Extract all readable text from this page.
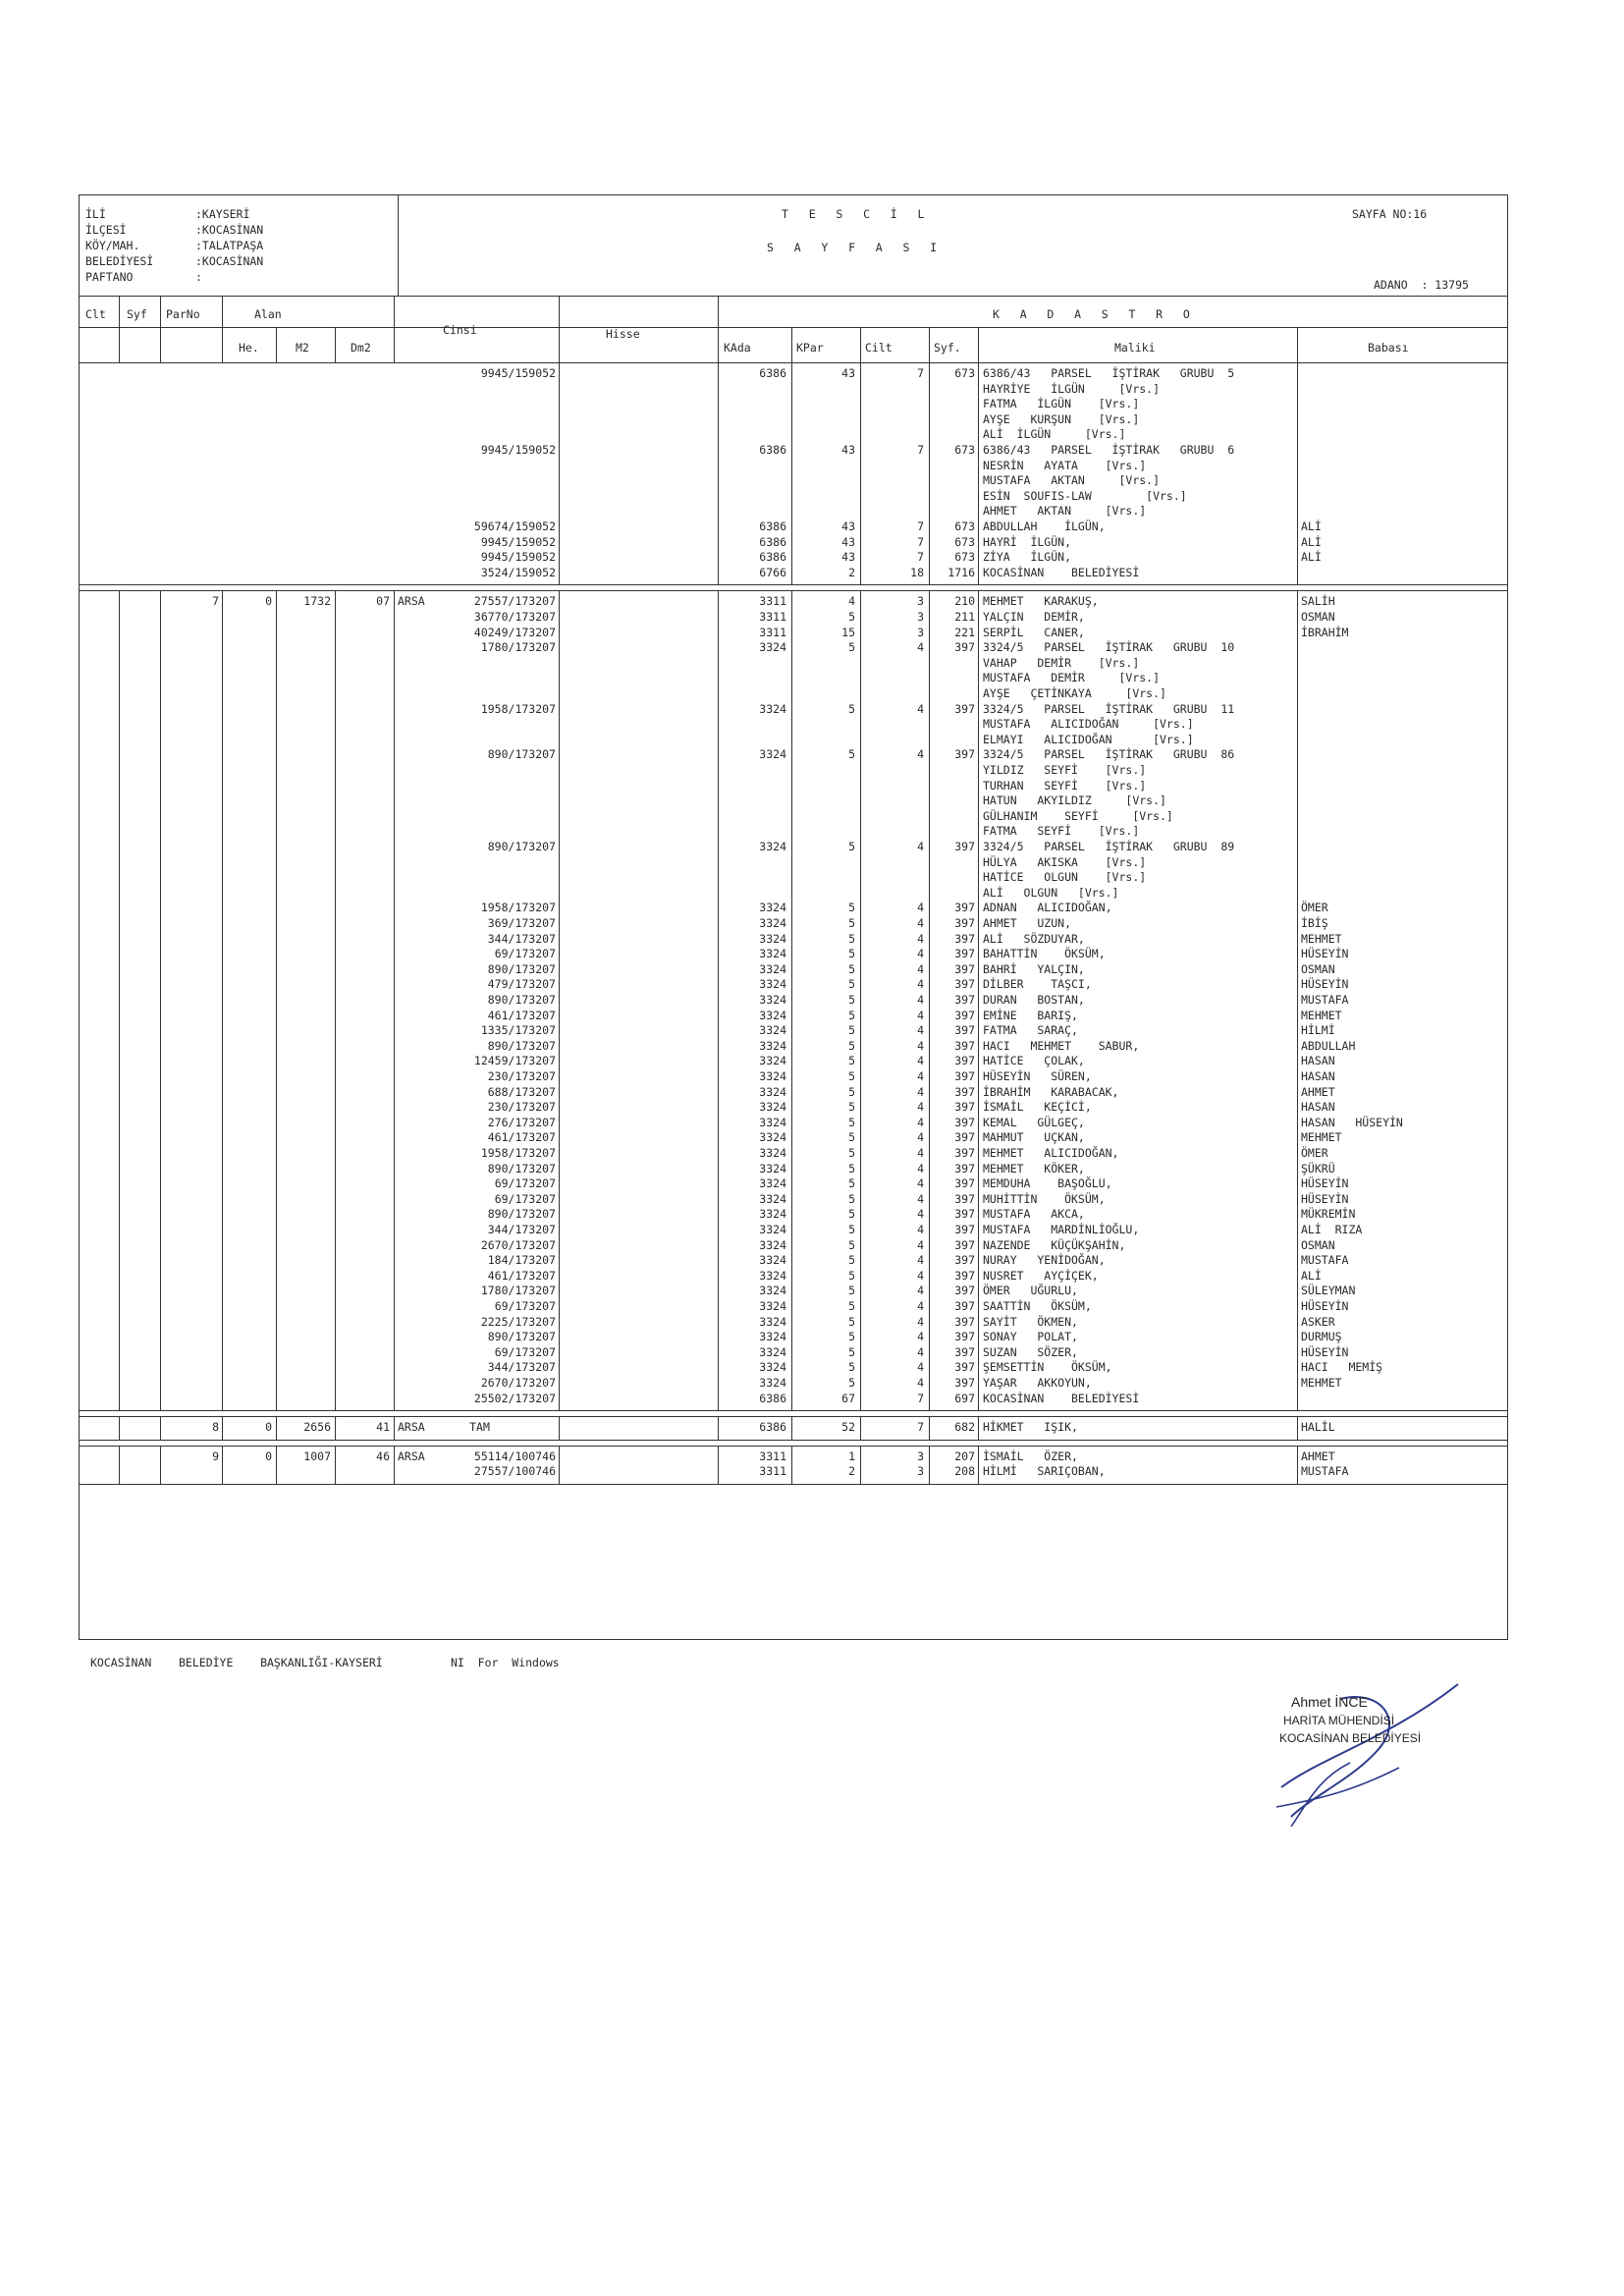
İLİ	:KAYSERİ
İLÇESİ	:KOCASİNAN
KÖY/MAH.	:TALATPAŞA
BELEDİYESİ	:KOCASİNAN
PAFTANO	:
T   E   S   C   İ   L
S   A   Y   F   A   S   I
SAYFA NO:16
ADANO  : 13795
Clt Syf ParNo	Alan
He.	M2	Dm2
Cinsi	Hisse
K   A   D   A   S   T   R   O
KAda	KPar	Cilt	Syf.	Maliki	Babası
9945/159052	6386	43	7	673 6386/43   PARSEL   İŞTİRAK   GRUBU  5
HAYRİYE   İLGÜN     [Vrs.]
FATMA   İLGÜN    [Vrs.]
AYŞE   KURŞUN    [Vrs.]
ALİ  İLGÜN     [Vrs.]
9945/159052	6386	43	7	673 6386/43   PARSEL   İŞTİRAK   GRUBU  6
NESRİN   AYATA    [Vrs.]
MUSTAFA   AKTAN     [Vrs.]
ESİN  SOUFIS-LAW        [Vrs.]
AHMET   AKTAN     [Vrs.]
59674/159052	6386	43	7	673 ABDULLAH    İLGÜN,	ALİ
9945/159052	6386	43	7	673 HAYRİ  İLGÜN,	ALİ
9945/159052	6386	43	7	673 ZİYA   İLGÜN,	ALİ
3524/159052	6766	2	18	1716 KOCASİNAN    BELEDİYESİ
7	0	1732	07 ARSA	27557/173207	3311	4	3	210 MEHMET   KARAKUŞ,	SALİH
36770/173207	3311	5	3	211 YALÇIN   DEMİR,	OSMAN
40249/173207	3311	15	3	221 SERPİL   CANER,	İBRAHİM
1780/173207	3324	5	4	397 3324/5   PARSEL   İŞTİRAK   GRUBU  10
VAHAP   DEMİR    [Vrs.]
MUSTAFA   DEMİR     [Vrs.]
AYŞE   ÇETİNKAYA     [Vrs.]
1958/173207	3324	5	4	397 3324/5   PARSEL   İŞTİRAK   GRUBU  11
MUSTAFA   ALICIDOĞAN     [Vrs.]
ELMAYI   ALICIDOĞAN      [Vrs.]
890/173207	3324	5	4	397 3324/5   PARSEL   İŞTİRAK   GRUBU  86
YILDIZ   SEYFİ    [Vrs.]
TURHAN   SEYFİ    [Vrs.]
HATUN   AKYILDIZ     [Vrs.]
GÜLHANIM    SEYFİ     [Vrs.]
FATMA   SEYFİ    [Vrs.]
890/173207	3324	5	4	397 3324/5   PARSEL   İŞTİRAK   GRUBU  89
HÜLYA   AKISKA    [Vrs.]
HATİCE   OLGUN    [Vrs.]
ALİ   OLGUN   [Vrs.]
1958/173207	3324	5	4	397 ADNAN   ALICIDOĞAN,	ÖMER
369/173207	3324	5	4	397 AHMET   UZUN,	İBİŞ
344/173207	3324	5	4	397 ALİ   SÖZDUYAR,	MEHMET
69/173207	3324	5	4	397 BAHATTİN    ÖKSÜM,	HÜSEYİN
890/173207	3324	5	4	397 BAHRİ   YALÇIN,	OSMAN
479/173207	3324	5	4	397 DİLBER    TAŞCI,	HÜSEYİN
890/173207	3324	5	4	397 DURAN   BOSTAN,	MUSTAFA
461/173207	3324	5	4	397 EMİNE   BARIŞ,	MEHMET
1335/173207	3324	5	4	397 FATMA   SARAÇ,	HİLMİ
890/173207	3324	5	4	397 HACI   MEHMET    SABUR,	ABDULLAH
12459/173207	3324	5	4	397 HATİCE   ÇOLAK,	HASAN
230/173207	3324	5	4	397 HÜSEYİN   SÜREN,	HASAN
688/173207	3324	5	4	397 İBRAHİM   KARABACAK,	AHMET
230/173207	3324	5	4	397 İSMAİL   KEÇİCİ,	HASAN
276/173207	3324	5	4	397 KEMAL   GÜLGEÇ,	HASAN   HÜSEYİN
461/173207	3324	5	4	397 MAHMUT   UÇKAN,	MEHMET
1958/173207	3324	5	4	397 MEHMET   ALICIDOĞAN,	ÖMER
890/173207	3324	5	4	397 MEHMET   KÖKER,	ŞÜKRÜ
69/173207	3324	5	4	397 MEMDUHA    BAŞOĞLU,	HÜSEYİN
69/173207	3324	5	4	397 MUHİTTİN    ÖKSÜM,	HÜSEYİN
890/173207	3324	5	4	397 MUSTAFA   AKCA,	MÜKREMİN
344/173207	3324	5	4	397 MUSTAFA   MARDİNLİOĞLU,	ALİ  RIZA
2670/173207	3324	5	4	397 NAZENDE   KÜÇÜKŞAHİN,	OSMAN
184/173207	3324	5	4	397 NURAY   YENİDOĞAN,	MUSTAFA
461/173207	3324	5	4	397 NUSRET   AYÇİÇEK,	ALİ
1780/173207	3324	5	4	397 ÖMER   UĞURLU,	SÜLEYMAN
69/173207	3324	5	4	397 SAATTİN   ÖKSÜM,	HÜSEYİN
2225/173207	3324	5	4	397 SAYİT   ÖKMEN,	ASKER
890/173207	3324	5	4	397 SONAY   POLAT,	DURMUŞ
69/173207	3324	5	4	397 SUZAN   SÖZER,	HÜSEYİN
344/173207	3324	5	4	397 ŞEMSETTİN    ÖKSÜM,	HACI   MEMİŞ
2670/173207	3324	5	4	397 YAŞAR   AKKOYUN,	MEHMET
25502/173207	6386	67	7	697 KOCASİNAN    BELEDİYESİ
8	0	2656	41 ARSA	TAM	6386	52	7	682 HİKMET   IŞIK,	HALİL
9	0	1007	46 ARSA	55114/100746	3311	1	3	207 İSMAİL   ÖZER,	AHMET
27557/100746	3311	2	3	208 HİLMİ   SARIÇOBAN,	MUSTAFA
KOCASİNAN    BELEDİYE    BAŞKANLIĞI-KAYSERİ          NI  For  Windows
Ahmet İNCE
HARİTA MÜHENDİSİ
KOCASİNAN BELEDİYESİ
